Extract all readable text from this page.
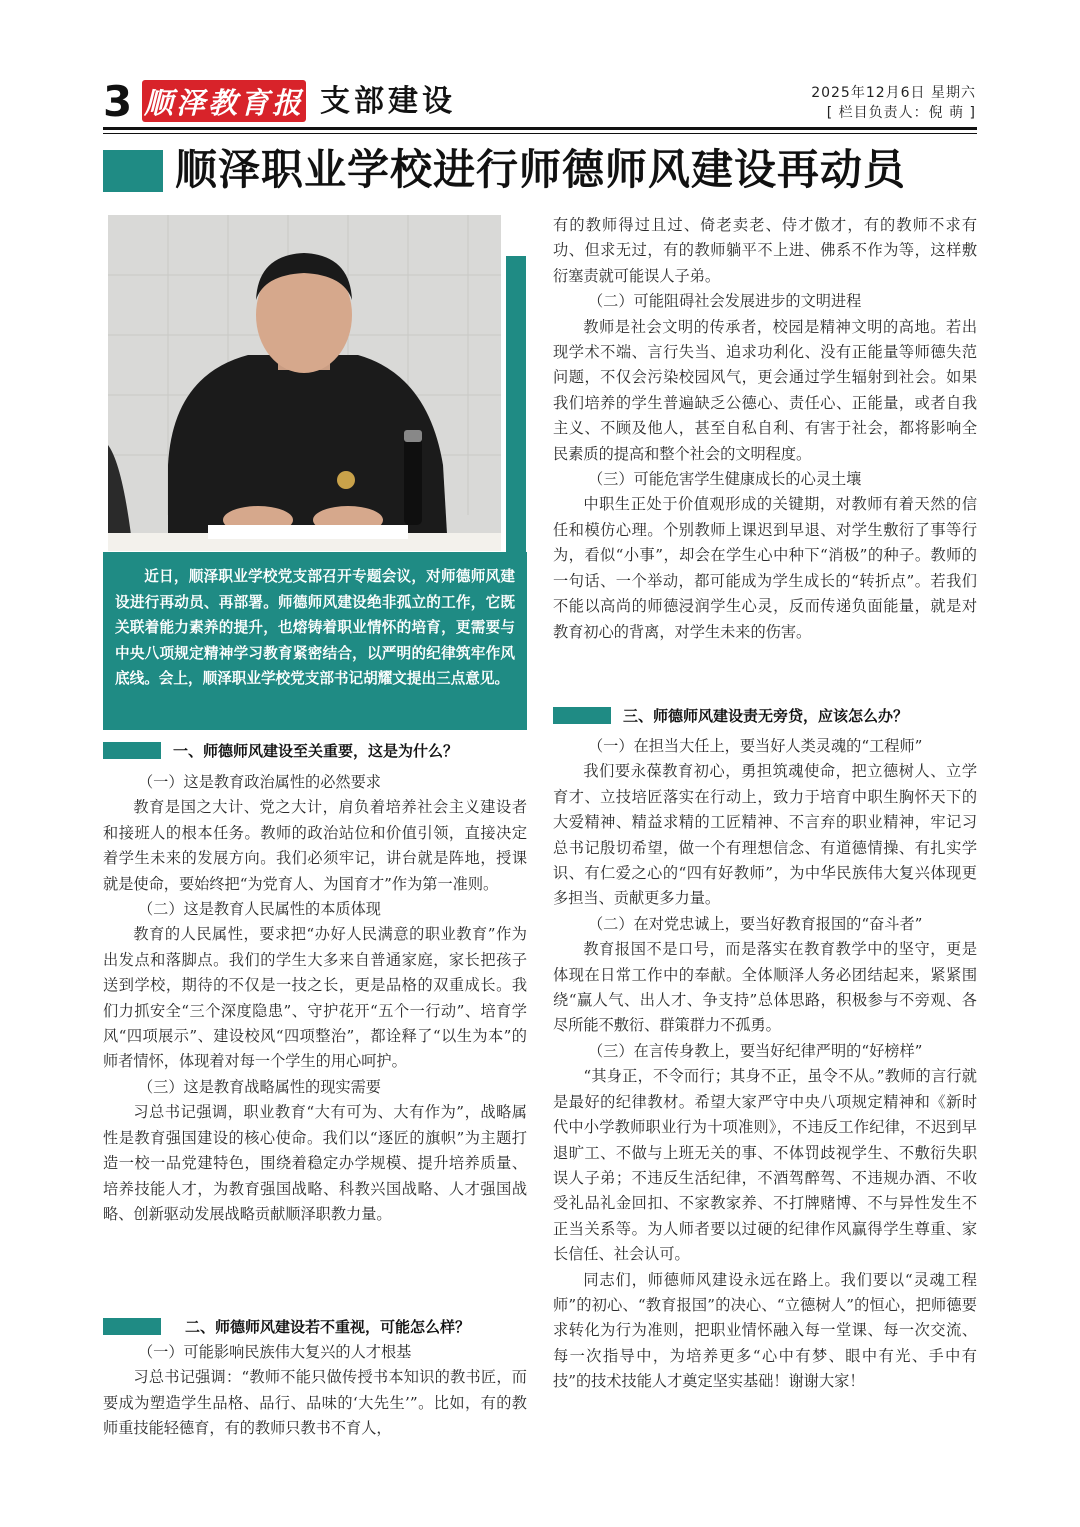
3 顺泽教育报 支部建设	2025年12月6日 星期六
[ 栏目负责人：倪 萌 ]
顺泽职业学校进行师德师风建设再动员
近日，顺泽职业学校党支部召开专题会议，对师德师风建设进行再动员、再部署。师德师风建设绝非孤立的工作，它既关联着能力素养的提升，也熔铸着职业情怀的培育，更需要与中央八项规定精神学习教育紧密结合，以严明的纪律筑牢作风底线。会上，顺泽职业学校党支部书记胡耀文提出三点意见。
一、师德师风建设至关重要，这是为什么？

（一）这是教育政治属性的必然要求

教育是国之大计、党之大计，肩负着培养社会主义建设者和接班人的根本任务。教师的政治站位和价值引领，直接决定着学生未来的发展方向。我们必须牢记，讲台就是阵地，授课就是使命，要始终把“为党育人、为国育才”作为第一准则。

（二）这是教育人民属性的本质体现

教育的人民属性，要求把“办好人民满意的职业教育”作为出发点和落脚点。我们的学生大多来自普通家庭，家长把孩子送到学校，期待的不仅是一技之长，更是品格的双重成长。我们力抓安全“三个深度隐患”、守护花开“五个一行动”、培育学风“四项展示”、建设校风“四项整治”，都诠释了“以生为本”的师者情怀，体现着对每一个学生的用心呵护。

（三）这是教育战略属性的现实需要

习总书记强调，职业教育“大有可为、大有作为”，战略属性是教育强国建设的核心使命。我们以“逐匠的旗帜”为主题打造一校一品党建特色，围绕着稳定办学规模、提升培养质量、培养技能人才，为教育强国战略、科教兴国战略、人才强国战略、创新驱动发展战略贡献顺泽职教力量。

二、师德师风建设若不重视，可能怎么样？

（一）可能影响民族伟大复兴的人才根基

习总书记强调：“教师不能只做传授书本知识的教书匠，而要成为塑造学生品格、品行、品味的‘大先生’”。比如，有的教师重技能轻德育，有的教师只教书不育人，

有的教师得过且过、倚老卖老、侍才傲才，有的教师不求有功、但求无过，有的教师躺平不上进、佛系不作为等，这样敷衍塞责就可能误人子弟。

（二）可能阻碍社会发展进步的文明进程

教师是社会文明的传承者，校园是精神文明的高地。若出现学术不端、言行失当、追求功利化、没有正能量等师德失范问题，不仅会污染校园风气，更会通过学生辐射到社会。如果我们培养的学生普遍缺乏公德心、责任心、正能量，或者自我主义、不顾及他人，甚至自私自利、有害于社会，都将影响全民素质的提高和整个社会的文明程度。

（三）可能危害学生健康成长的心灵土壤

中职生正处于价值观形成的关键期，对教师有着天然的信任和模仿心理。个别教师上课迟到早退、对学生敷衍了事等行为，看似“小事”，却会在学生心中种下“消极”的种子。教师的一句话、一个举动，都可能成为学生成长的“转折点”。若我们不能以高尚的师德浸润学生心灵，反而传递负面能量，就是对教育初心的背离，对学生未来的伤害。

三、师德师风建设责无旁贷，应该怎么办？

（一）在担当大任上，要当好人类灵魂的“工程师”

我们要永葆教育初心，勇担筑魂使命，把立德树人、立学育才、立技培匠落实在行动上，致力于培育中职生胸怀天下的大爱精神、精益求精的工匠精神、不言弃的职业精神，牢记习总书记殷切希望，做一个有理想信念、有道德情操、有扎实学识、有仁爱之心的“四有好教师”，为中华民族伟大复兴体现更多担当、贡献更多力量。

（二）在对党忠诚上，要当好教育报国的“奋斗者”

教育报国不是口号，而是落实在教育教学中的坚守，更是体现在日常工作中的奉献。全体顺泽人务必团结起来，紧紧围绕“赢人气、出人才、争支持”总体思路，积极参与不旁观、各尽所能不敷衍、群策群力不孤勇。

（三）在言传身教上，要当好纪律严明的“好榜样”

“其身正，不令而行；其身不正，虽令不从。”教师的言行就是最好的纪律教材。希望大家严守中央八项规定精神和《新时代中小学教师职业行为十项准则》，不违反工作纪律，不迟到早退旷工、不做与上班无关的事、不体罚歧视学生、不敷衍失职误人子弟；不违反生活纪律，不酒驾醉驾、不违规办酒、不收受礼品礼金回扣、不家教家养、不打牌赌博、不与异性发生不正当关系等。为人师者要以过硬的纪律作风赢得学生尊重、家长信任、社会认可。

同志们，师德师风建设永远在路上。我们要以“灵魂工程师”的初心、“教育报国”的决心、“立德树人”的恒心，把师德要求转化为行为准则，把职业情怀融入每一堂课、每一次交流、每一次指导中，为培养更多“心中有梦、眼中有光、手中有技”的技术技能人才奠定坚实基础！谢谢大家！
